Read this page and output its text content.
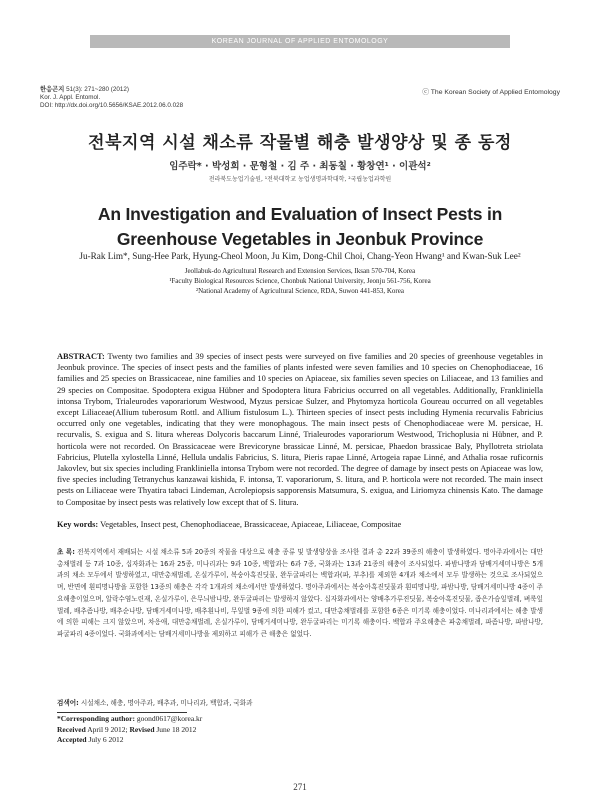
KOREAN JOURNAL OF APPLIED ENTOMOLOGY
한응곤지 51(3): 271~280 (2012)
Kor. J. Appl. Entomol.
DOI: http://dx.doi.org/10.5656/KSAE.2012.06.0.028
ⓒ The Korean Society of Applied Entomology
전북지역 시설 채소류 작물별 해충 발생양상 및 종 동정
임주락* · 박성희 · 문형철 · 김 주 · 최동칠 · 황창연¹ · 이관석²
전라북도농업기술원, ¹전북대학교 농업생명과학대학, ²국립농업과학원
An Investigation and Evaluation of Insect Pests in Greenhouse Vegetables in Jeonbuk Province
Ju-Rak Lim*, Sung-Hee Park, Hyung-Cheol Moon, Ju Kim, Dong-Chil Choi, Chang-Yeon Hwang¹ and Kwan-Suk Lee²
Jeollabuk-do Agricultural Research and Extension Services, Iksan 570-704, Korea
¹Faculty Biological Resources Science, Chonbuk National University, Jeonju 561-756, Korea
²National Academy of Agricultural Science, RDA, Suwon 441-853, Korea
ABSTRACT: Twenty two families and 39 species of insect pests were surveyed on five families and 20 species of greenhouse vegetables in Jeonbuk province. The species of insect pests and the families of plants infested were seven families and 10 species on Chenophodiaceae, 16 families and 25 species on Brassicaceae, nine families and 10 species on Apiaceae, six families seven species on Liliaceae, and 13 families and 29 species on Compositae. Spodoptera exigua Hübner and Spodoptera litura Fabricius occurred on all vegetables. Additionally, Frankliniella intonsa Trybom, Trialeurodes vaporariorum Westwood, Myzus persicae Sulzer, and Phytomyza horticola Goureau occurred on all vegetables except Liliaceae(Allium tuberosum Rottl. and Allium fistulosum L.). Thirteen species of insect pests including Hymenia recurvalis Fabricius occurred only one vegetables, indicating that they were monophagous. The main insect pests of Chenophodiaceae were M. persicae, H. recurvalis, S. exigua and S. litura whereas Dolycoris baccarum Linné, Trialeurodes vaporariorum Westwood, Trichoplusia ni Hübner, and P. horticola were not recorded. On Brassicaceae were Brevicoryne brassicae Linné, M. persicae, Phaedon brassicae Baly, Phyllotreta striolata Fabricius, Plutella xylostella Linné, Hellula undalis Fabricius, S. litura, Pieris rapae Linné, Artogeia rapae Linné, and Athalia rosae ruficornis Jakovlev, but six species including Frankliniella intonsa Trybom were not recorded. The degree of damage by insect pests on Apiaceae was low, five species including Tetranychus kanzawai kishida, F. intonsa, T. vaporariorum, S. litura, and P. horticola were not recorded. The main insect pests on Liliaceae were Thyatira tabaci Lindeman, Acrolepiopsis sapporensis Matsumura, S. exigua, and Liriomyza chinensis Kato. The damage to Compositae by insect pests was relatively low except that of S. litura.
Key words: Vegetables, Insect pest, Chenophodiaceae, Brassicaceae, Apiaceae, Liliaceae, Compositae
초 록: 전북지역에서 재배되는 시설 채소류 5과 20종의 작물을 대상으로 해충 종류 및 발생양상을 조사한 결과 총 22과 39종의 해충이 발생하였다. 명아주과에서는 대만총채벌레 등 7과 10종, 십자화과는 16과 25종, 미나리과는 9과 10종, 백합과는 6과 7종, 국화과는 13과 21종의 해충이 조사되었다. 파밤나방과 담배거세미나방은 5개 과의 채소 모두에서 발생하였고, 대만총채벌레, 온실가루이, 복숭아혹진딧물, 완두굴파리는 백합과(파, 부추)를 제외한 4개과 채소에서 모두 발생하는 것으로 조사되었으며, 반면에 흰띠명나방을 포함한 13종의 해충은 각각 1개과의 채소에서만 발생하였다. 명아주과에서는 복숭아혹진딧물과 흰띠명나방, 파밤나방, 담배거세미나방 4종이 주요해충이었으며, 알락수염노린재, 온실가루이, 은무늬밤나방, 완두굴파리는 발생하지 않았다. 십자화과에서는 양배추가루진딧물, 복숭아혹진딧물, 좁은가슴잎벌레, 벼룩잎벌레, 배추좀나방, 배추순나방, 담배거세미나방, 배추흰나비, 무잎벌 9종에 의한 피해가 컸고, 대만총채벌레를 포함한 6종은 미기록 해충이었다. 미나리과에서는 해충 발생에 의한 피해는 크지 않았으며, 차응애, 대만총채벌레, 온실가루이, 담배거세미나방, 완두굴파리는 미기록 해충이다. 백합과 주요해충은 파총채벌레, 파좀나방, 파밤나방, 파굴파리 4종이었다. 국화과에서는 담배거세미나방을 제외하고 피해가 큰 해충은 없었다.
검색어: 시설채소, 해충, 명아주과, 배추과, 미나리과, 백합과, 국화과
*Corresponding author: goond0617@korea.kr
Received April 9 2012; Revised June 18 2012
Accepted July 6 2012
271
